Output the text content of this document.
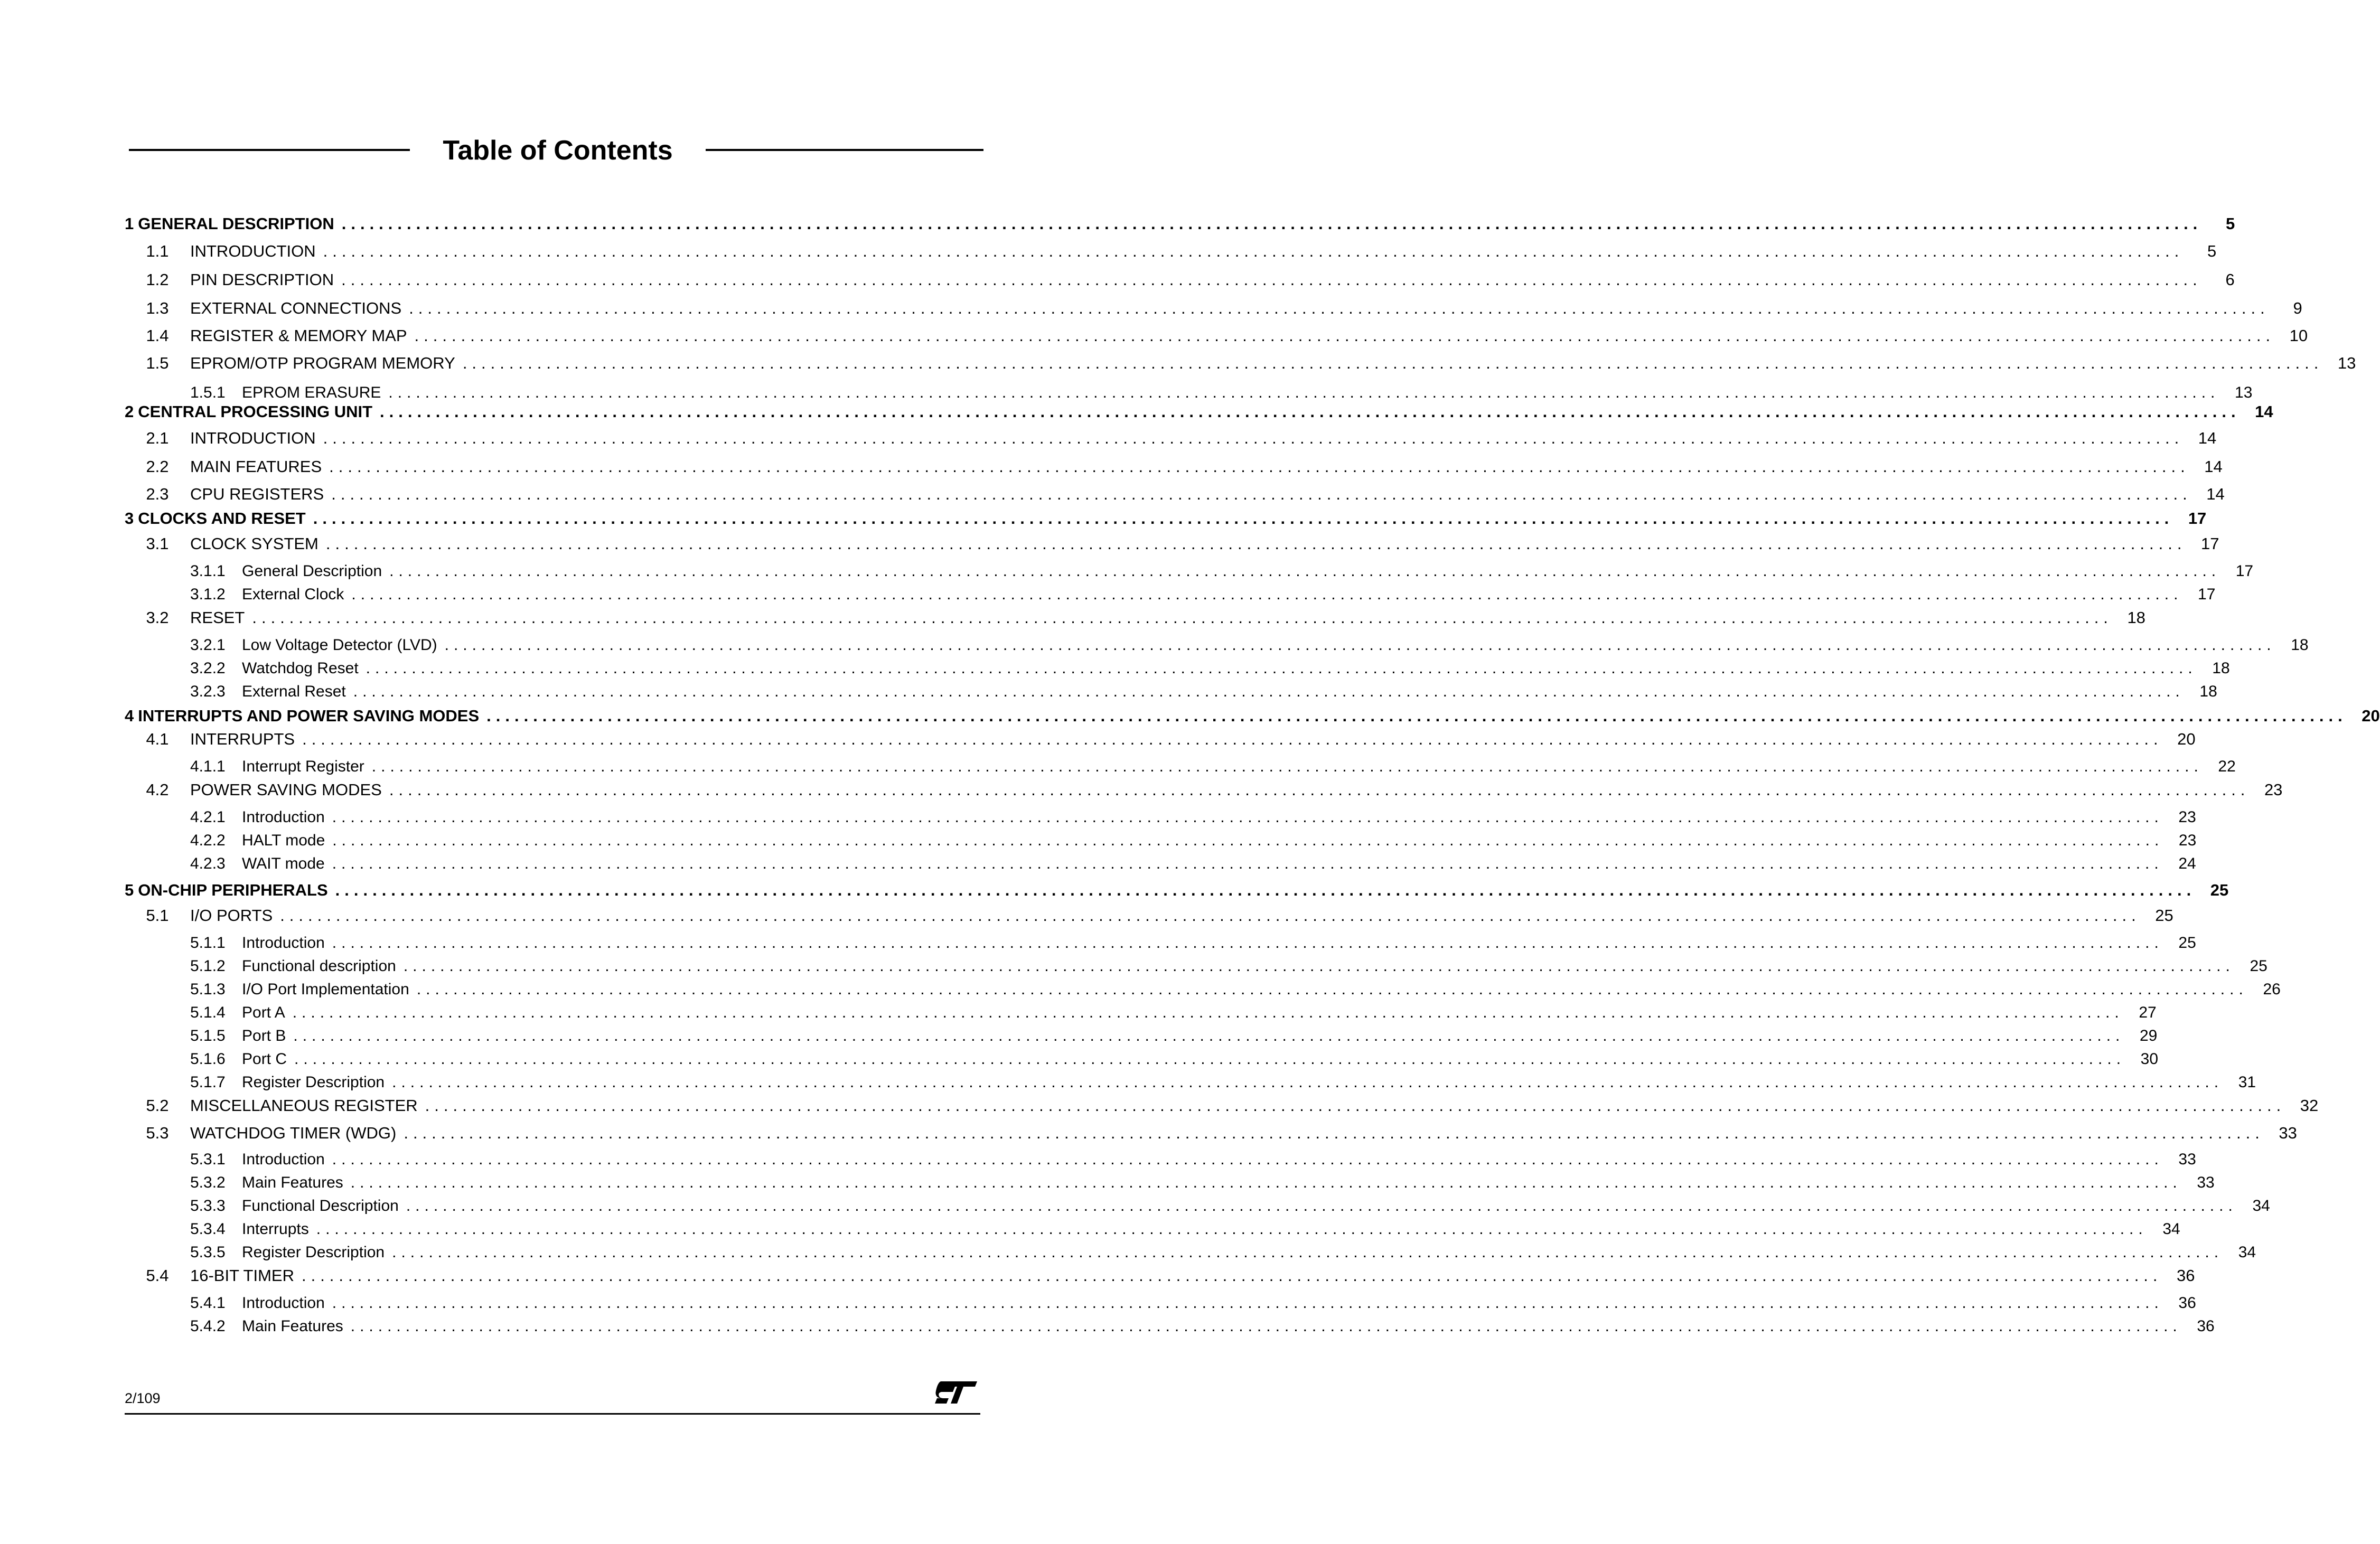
Table of Contents
1 GENERAL DESCRIPTION ........................................................................................................................................................................................................	5
1.1	INTRODUCTION ........................................................................................................................................................................................................	5
1.2	PIN DESCRIPTION ........................................................................................................................................................................................................	6
1.3	EXTERNAL CONNECTIONS ........................................................................................................................................................................................................	9
1.4	REGISTER & MEMORY MAP ........................................................................................................................................................................................................ 10
1.5	EPROM/OTP PROGRAM MEMORY ........................................................................................................................................................................................................ 13
1.5.1	EPROM ERASURE ........................................................................................................................................................................................................ 13
2 CENTRAL PROCESSING UNIT ........................................................................................................................................................................................................ 14
2.1	INTRODUCTION ........................................................................................................................................................................................................ 14
2.2	MAIN FEATURES ........................................................................................................................................................................................................ 14
2.3	CPU REGISTERS ........................................................................................................................................................................................................ 14
3 CLOCKS AND RESET ........................................................................................................................................................................................................ 17
3.1	CLOCK SYSTEM ........................................................................................................................................................................................................ 17
3.1.1	General Description ........................................................................................................................................................................................................ 17
3.1.2	External Clock ........................................................................................................................................................................................................ 17
3.2	RESET ........................................................................................................................................................................................................ 18
3.2.1	Low Voltage Detector (LVD) ........................................................................................................................................................................................................ 18
3.2.2	Watchdog Reset ........................................................................................................................................................................................................ 18
3.2.3	External Reset ........................................................................................................................................................................................................ 18
4 INTERRUPTS AND POWER SAVING MODES ........................................................................................................................................................................................................ 20
4.1	INTERRUPTS ........................................................................................................................................................................................................ 20
4.1.1	Interrupt Register ........................................................................................................................................................................................................ 22
4.2	POWER SAVING MODES ........................................................................................................................................................................................................ 23
4.2.1	Introduction ........................................................................................................................................................................................................ 23
4.2.2	HALT mode ........................................................................................................................................................................................................ 23
4.2.3	WAIT mode ........................................................................................................................................................................................................ 24
5 ON-CHIP PERIPHERALS ........................................................................................................................................................................................................ 25
5.1	I/O PORTS ........................................................................................................................................................................................................ 25
5.1.1	Introduction ........................................................................................................................................................................................................ 25
5.1.2	Functional description ........................................................................................................................................................................................................ 25
5.1.3	I/O Port Implementation ........................................................................................................................................................................................................ 26
5.1.4	Port A ........................................................................................................................................................................................................ 27
5.1.5	Port B ........................................................................................................................................................................................................ 29
5.1.6	Port C ........................................................................................................................................................................................................ 30
5.1.7	Register Description ........................................................................................................................................................................................................ 31
5.2	MISCELLANEOUS REGISTER ........................................................................................................................................................................................................ 32
5.3	WATCHDOG TIMER (WDG) ........................................................................................................................................................................................................ 33
5.3.1	Introduction ........................................................................................................................................................................................................ 33
5.3.2	Main Features ........................................................................................................................................................................................................ 33
5.3.3	Functional Description ........................................................................................................................................................................................................ 34
5.3.4	Interrupts ........................................................................................................................................................................................................ 34
5.3.5	Register Description ........................................................................................................................................................................................................ 34
5.4	16-BIT TIMER ........................................................................................................................................................................................................ 36
5.4.1	Introduction ........................................................................................................................................................................................................ 36
5.4.2	Main Features ........................................................................................................................................................................................................ 36
2/109
